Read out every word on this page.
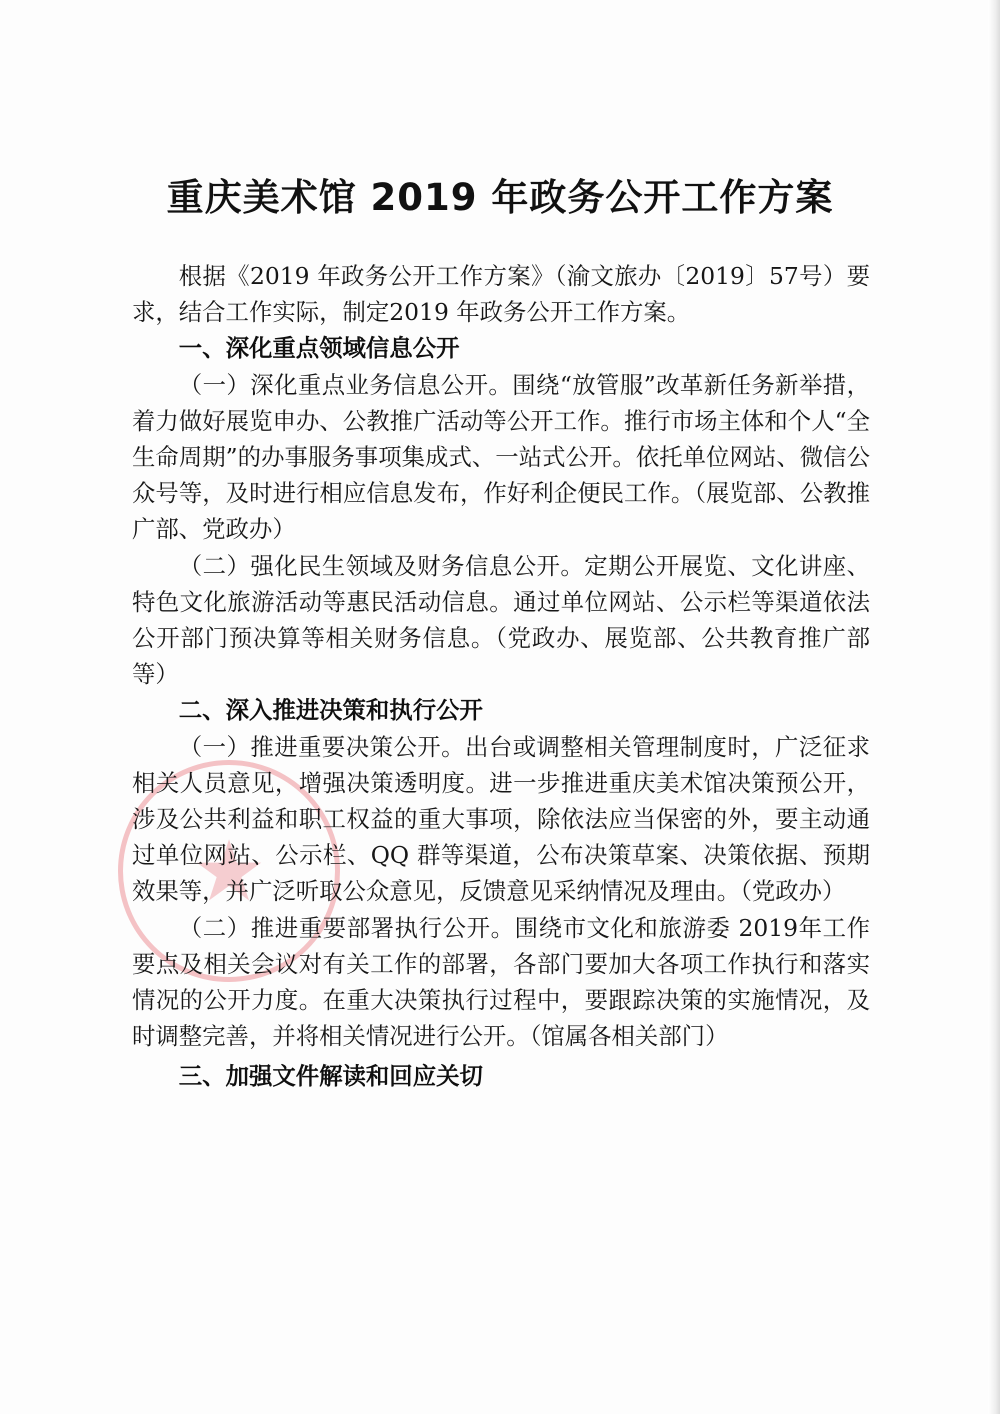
★
重庆美术馆 2019 年政务公开工作方案

根据《2019 年政务公开工作方案》（渝文旅办〔2019〕57号）要求，结合工作实际，制定2019 年政务公开工作方案。

一、深化重点领域信息公开

（一）深化重点业务信息公开。围绕“放管服”改革新任务新举措，着力做好展览申办、公教推广活动等公开工作。推行市场主体和个人“全生命周期”的办事服务事项集成式、一站式公开。依托单位网站、微信公众号等，及时进行相应信息发布，作好利企便民工作。（展览部、公教推广部、党政办）

（二）强化民生领域及财务信息公开。定期公开展览、文化讲座、特色文化旅游活动等惠民活动信息。通过单位网站、公示栏等渠道依法公开部门预决算等相关财务信息。（党政办、展览部、公共教育推广部等）

二、深入推进决策和执行公开

（一）推进重要决策公开。出台或调整相关管理制度时，广泛征求相关人员意见，增强决策透明度。进一步推进重庆美术馆决策预公开，涉及公共利益和职工权益的重大事项，除依法应当保密的外，要主动通过单位网站、公示栏、QQ 群等渠道，公布决策草案、决策依据、预期效果等，并广泛听取公众意见，反馈意见采纳情况及理由。（党政办）

（二）推进重要部署执行公开。围绕市文化和旅游委 2019年工作要点及相关会议对有关工作的部署，各部门要加大各项工作执行和落实情况的公开力度。在重大决策执行过程中，要跟踪决策的实施情况，及时调整完善，并将相关情况进行公开。（馆属各相关部门）

三、加强文件解读和回应关切
